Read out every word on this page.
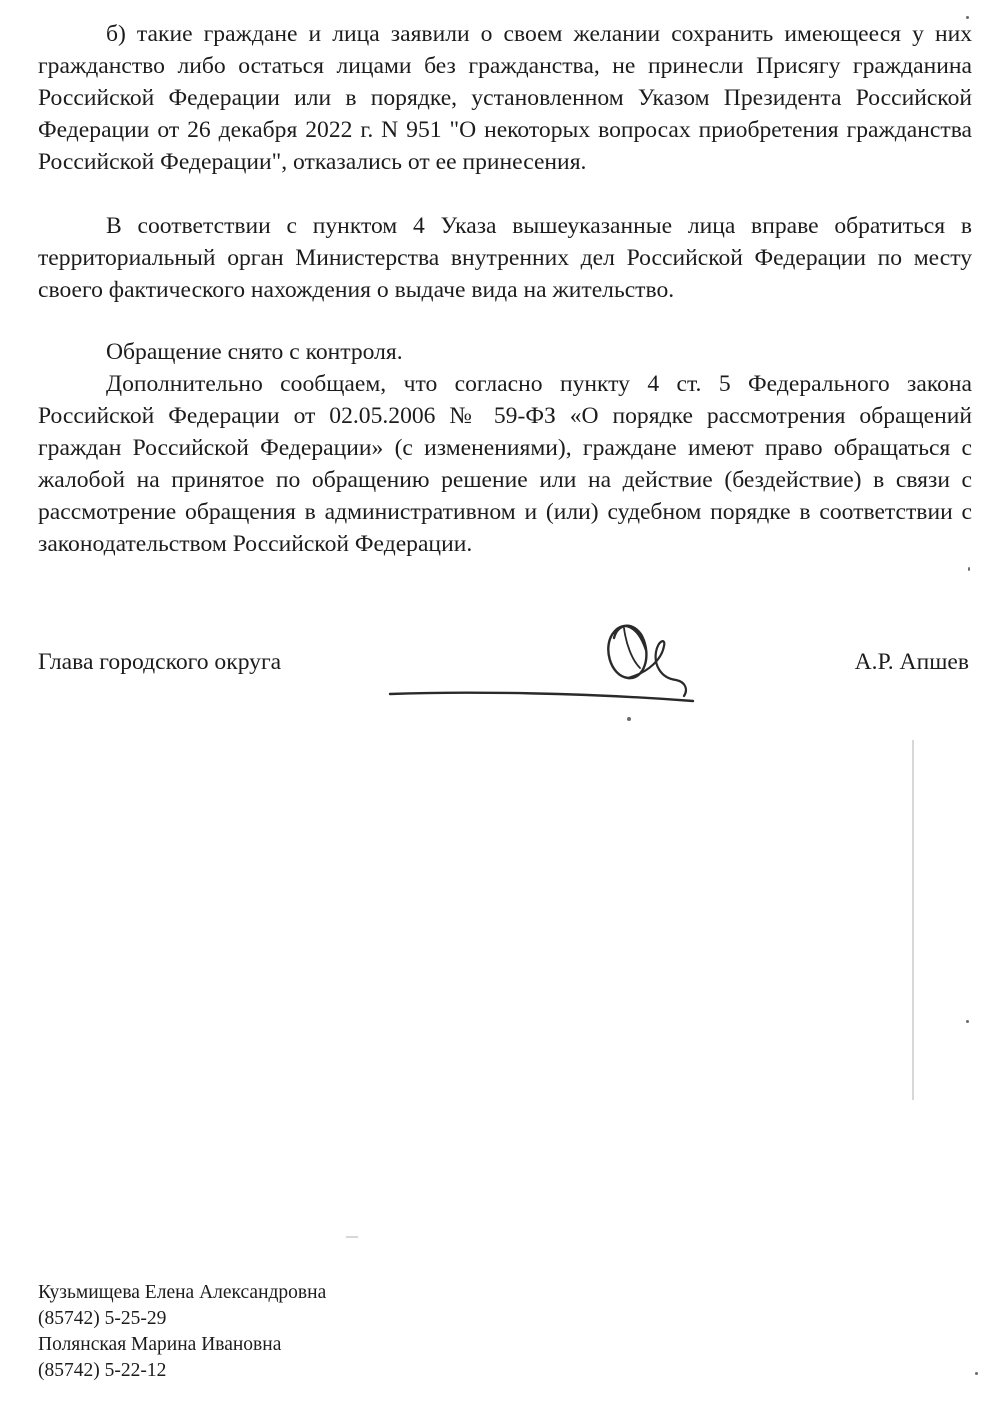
б) такие граждане и лица заявили о своем желании сохранить имеющееся у них гражданство либо остаться лицами без гражданства, не принесли Присягу гражданина Российской Федерации или в порядке, установленном Указом Президента Российской Федерации от 26 декабря 2022 г. N 951 "О некоторых вопросах приобретения гражданства Российской Федерации", отказались от ее принесения.

В соответствии с пунктом 4 Указа вышеуказанные лица вправе обратиться в территориальный орган Министерства внутренних дел Российской Федерации по месту своего фактического нахождения о выдаче вида на жительство.

Обращение снято с контроля.

Дополнительно сообщаем, что согласно пункту 4 ст. 5 Федерального закона Российской Федерации от 02.05.2006 № 59-ФЗ «О порядке рассмотрения обращений граждан Российской Федерации» (с изменениями), граждане имеют право обращаться с жалобой на принятое по обращению решение или на действие (бездействие) в связи с рассмотрение обращения в административном и (или) судебном порядке в соответствии с законодательством Российской Федерации.

Глава городского округа	А.Р. Апшев

Кузьмищева Елена Александровна
(85742) 5-25-29
Полянская Марина Ивановна
(85742) 5-22-12
